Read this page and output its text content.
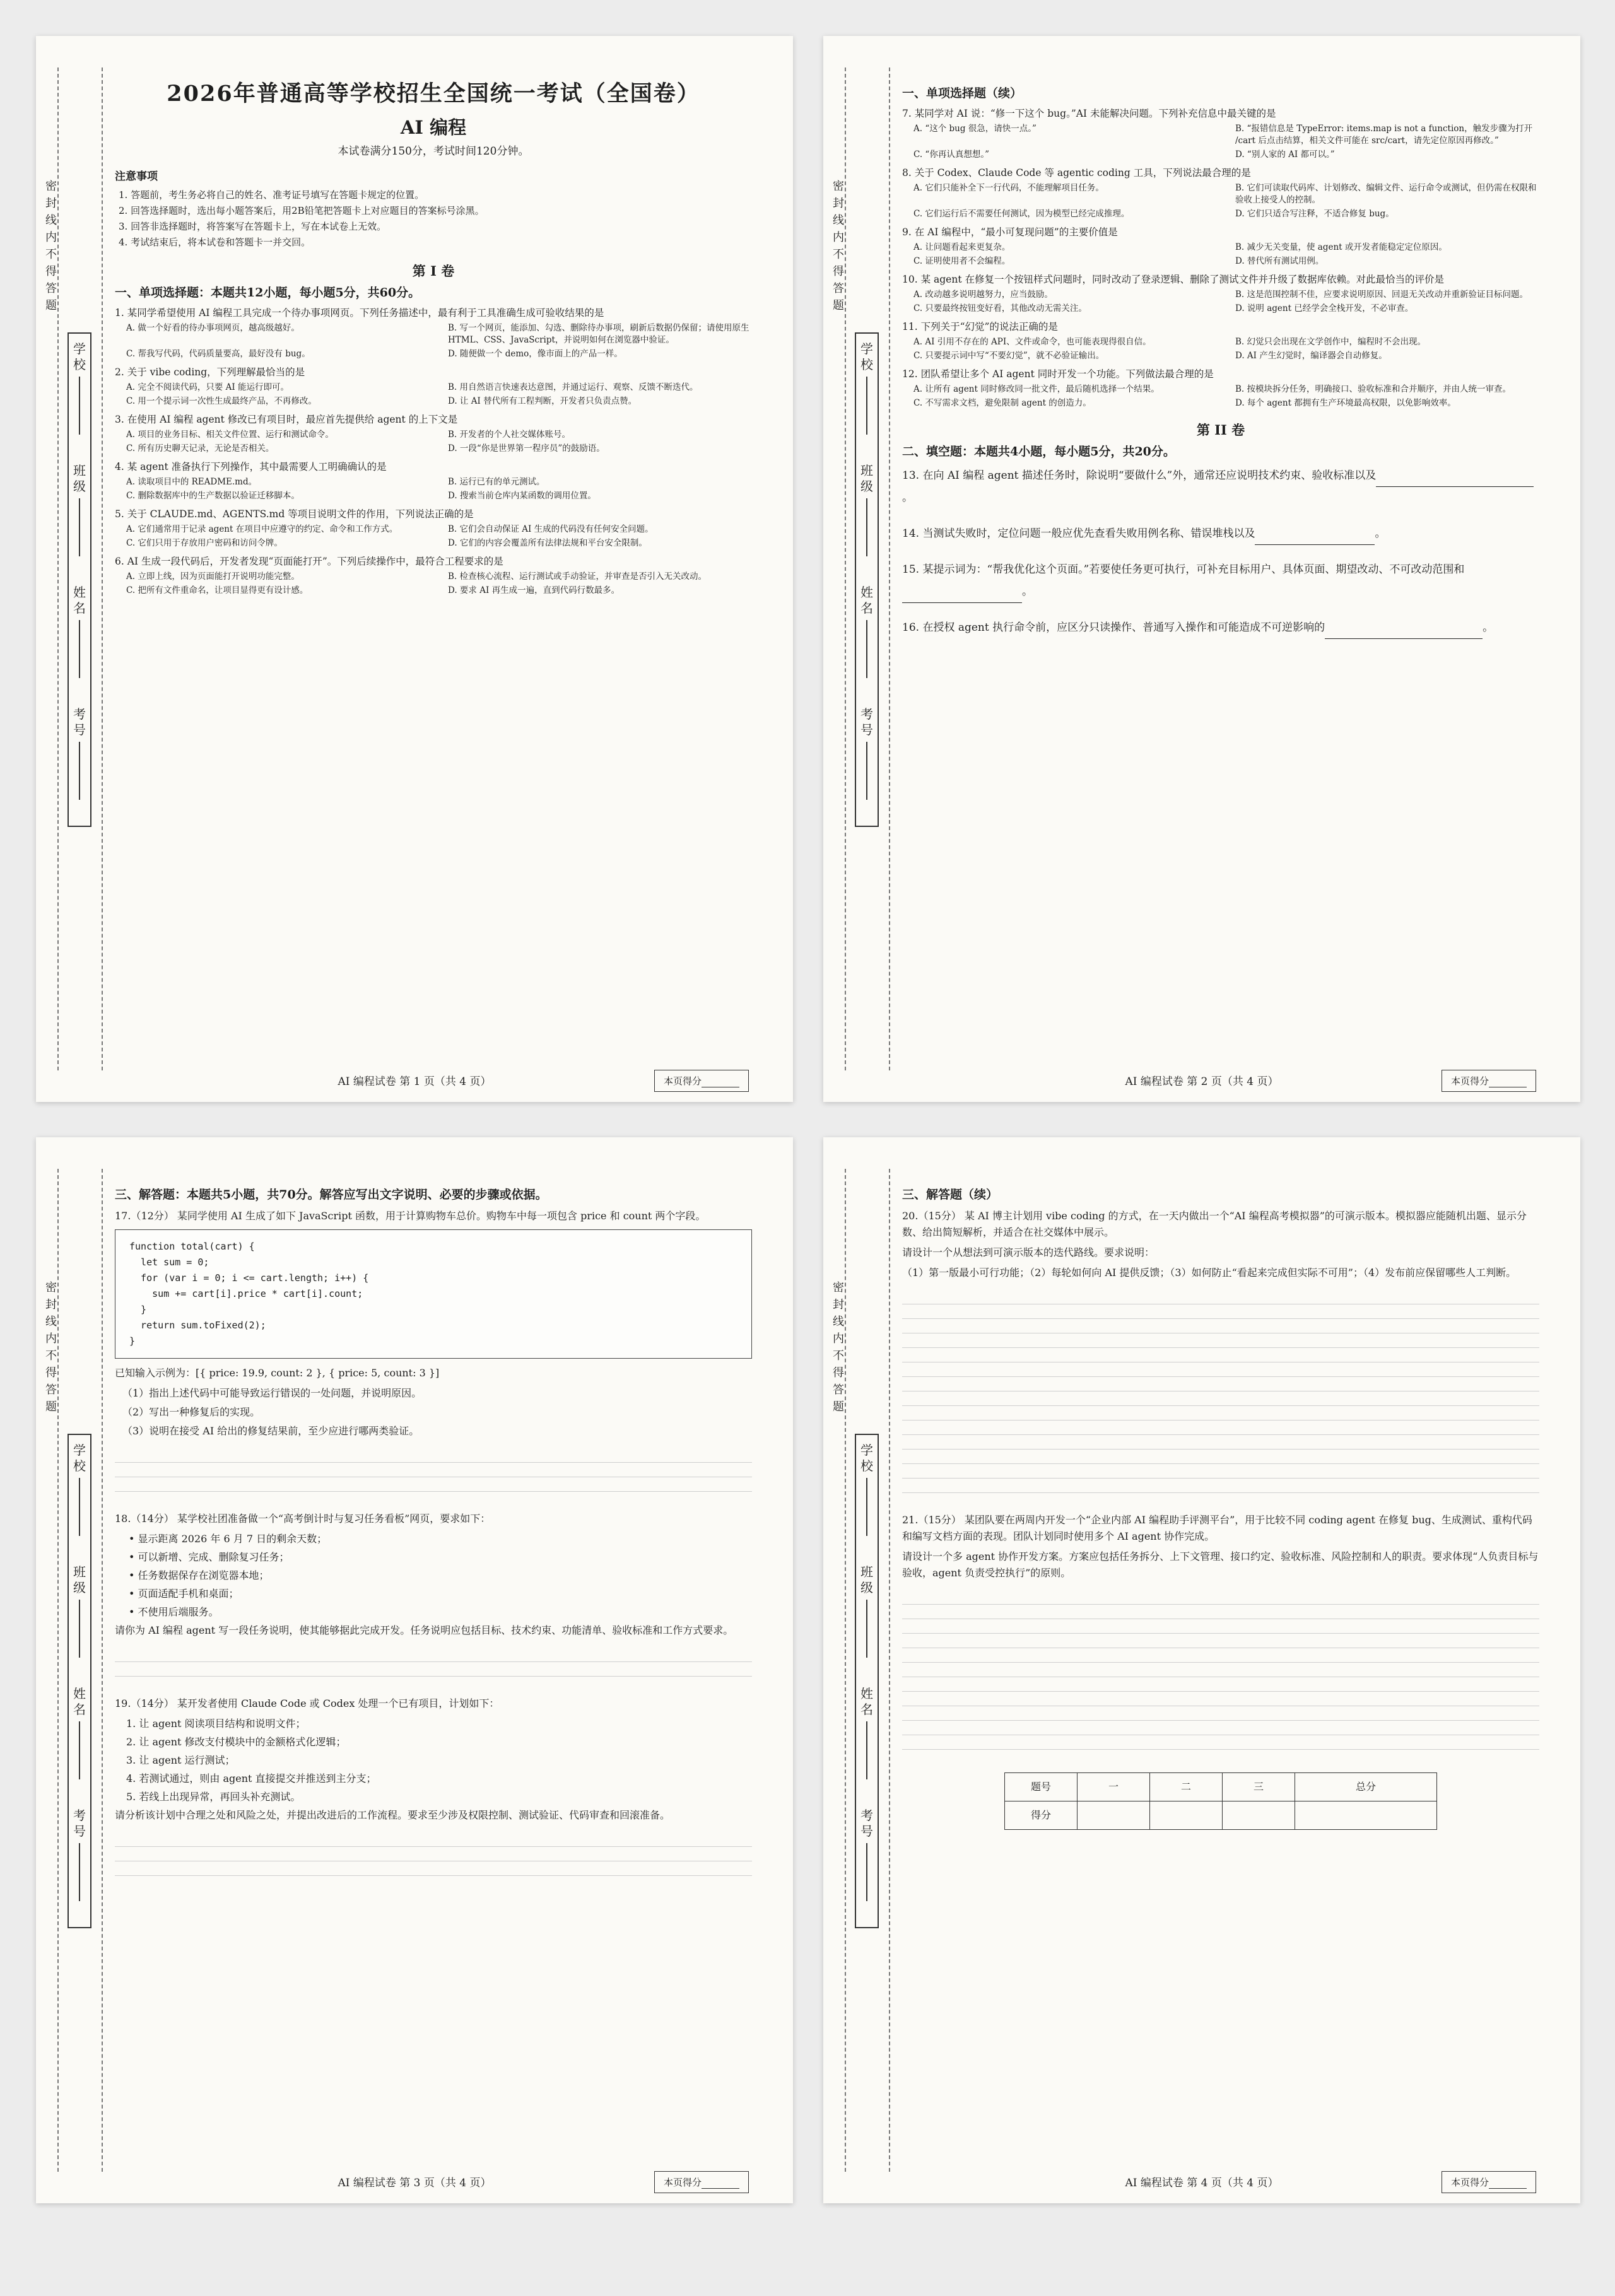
密
封
线
内
不
得
答
题
学
校
班
级
姓
名
考
号
2026年普通高等学校招生全国统一考试（全国卷）
AI 编程
本试卷满分150分，考试时间120分钟。
注意事项
1. 答题前，考生务必将自己的姓名、准考证号填写在答题卡规定的位置。
2. 回答选择题时，选出每小题答案后，用2B铅笔把答题卡上对应题目的答案标号涂黑。
3. 回答非选择题时，将答案写在答题卡上，写在本试卷上无效。
4. 考试结束后，将本试卷和答题卡一并交回。
第 I 卷
一、单项选择题：本题共12小题，每小题5分，共60分。
1. 某同学希望使用 AI 编程工具完成一个待办事项网页。下列任务描述中，最有利于工具准确生成可验收结果的是
A. 做一个好看的待办事项网页，越高级越好。	B. 写一个网页，能添加、勾选、删除待办事项，刷新后数据仍保留；请使用原生 HTML、CSS、JavaScript，并说明如何在浏览器中验证。
C. 帮我写代码，代码质量要高，最好没有 bug。	D. 随便做一个 demo，像市面上的产品一样。
2. 关于 vibe coding，下列理解最恰当的是
A. 完全不阅读代码，只要 AI 能运行即可。	B. 用自然语言快速表达意图，并通过运行、观察、反馈不断迭代。
C. 用一个提示词一次性生成最终产品，不再修改。	D. 让 AI 替代所有工程判断，开发者只负责点赞。
3. 在使用 AI 编程 agent 修改已有项目时，最应首先提供给 agent 的上下文是
A. 项目的业务目标、相关文件位置、运行和测试命令。	B. 开发者的个人社交媒体账号。
C. 所有历史聊天记录，无论是否相关。	D. 一段“你是世界第一程序员”的鼓励语。
4. 某 agent 准备执行下列操作，其中最需要人工明确确认的是
A. 读取项目中的 README.md。	B. 运行已有的单元测试。
C. 删除数据库中的生产数据以验证迁移脚本。	D. 搜索当前仓库内某函数的调用位置。
5. 关于 CLAUDE.md、AGENTS.md 等项目说明文件的作用，下列说法正确的是
A. 它们通常用于记录 agent 在项目中应遵守的约定、命令和工作方式。	B. 它们会自动保证 AI 生成的代码没有任何安全问题。
C. 它们只用于存放用户密码和访问令牌。	D. 它们的内容会覆盖所有法律法规和平台安全限制。
6. AI 生成一段代码后，开发者发现“页面能打开”。下列后续操作中，最符合工程要求的是
A. 立即上线，因为页面能打开说明功能完整。	B. 检查核心流程、运行测试或手动验证，并审查是否引入无关改动。
C. 把所有文件重命名，让项目显得更有设计感。	D. 要求 AI 再生成一遍，直到代码行数最多。
AI 编程试卷 第 1 页（共 4 页）	本页得分
密
封
线
内
不
得
答
题
学
校
班
级
姓
名
考
号
一、单项选择题（续）
7. 某同学对 AI 说：“修一下这个 bug。”AI 未能解决问题。下列补充信息中最关键的是
A. “这个 bug 很急，请快一点。”	B. “报错信息是 TypeError: items.map is not a function，触发步骤为打开 /cart 后点击结算，相关文件可能在 src/cart，请先定位原因再修改。”
C. “你再认真想想。”	D. “别人家的 AI 都可以。”
8. 关于 Codex、Claude Code 等 agentic coding 工具，下列说法最合理的是
A. 它们只能补全下一行代码，不能理解项目任务。	B. 它们可读取代码库、计划修改、编辑文件、运行命令或测试，但仍需在权限和验收上接受人的控制。
C. 它们运行后不需要任何测试，因为模型已经完成推理。	D. 它们只适合写注释，不适合修复 bug。
9. 在 AI 编程中，“最小可复现问题”的主要价值是
A. 让问题看起来更复杂。	B. 减少无关变量，使 agent 或开发者能稳定定位原因。
C. 证明使用者不会编程。	D. 替代所有测试用例。
10. 某 agent 在修复一个按钮样式问题时，同时改动了登录逻辑、删除了测试文件并升级了数据库依赖。对此最恰当的评价是
A. 改动越多说明越努力，应当鼓励。	B. 这是范围控制不佳，应要求说明原因、回退无关改动并重新验证目标问题。
C. 只要最终按钮变好看，其他改动无需关注。	D. 说明 agent 已经学会全栈开发，不必审查。
11. 下列关于“幻觉”的说法正确的是
A. AI 引用不存在的 API、文件或命令，也可能表现得很自信。	B. 幻觉只会出现在文学创作中，编程时不会出现。
C. 只要提示词中写“不要幻觉”，就不必验证输出。	D. AI 产生幻觉时，编译器会自动修复。
12. 团队希望让多个 AI agent 同时开发一个功能。下列做法最合理的是
A. 让所有 agent 同时修改同一批文件，最后随机选择一个结果。	B. 按模块拆分任务，明确接口、验收标准和合并顺序，并由人统一审查。
C. 不写需求文档，避免限制 agent 的创造力。	D. 每个 agent 都拥有生产环境最高权限，以免影响效率。
第 II 卷
二、填空题：本题共4小题，每小题5分，共20分。
13. 在向 AI 编程 agent 描述任务时，除说明“要做什么”外，通常还应说明技术约束、验收标准以及。
14. 当测试失败时，定位问题一般应优先查看失败用例名称、错误堆栈以及	。
15. 某提示词为：“帮我优化这个页面。”若要使任务更可执行，可补充目标用户、具体页面、期望改动、不可改动范围和。
16. 在授权 agent 执行命令前，应区分只读操作、普通写入操作和可能造成不可逆影响的	。
AI 编程试卷 第 2 页（共 4 页）	本页得分
密
封
线
内
不
得
答
题
学
校
班
级
姓
名
考
号
三、解答题：本题共5小题，共70分。解答应写出文字说明、必要的步骤或依据。

17.（12分） 某同学使用 AI 生成了如下 JavaScript 函数，用于计算购物车总价。购物车中每一项包含 price 和 count 两个字段。

function total(cart) {
let sum = 0;
for (var i = 0; i <= cart.length; i++) {
sum += cart[i].price * cart[i].count;
}
return sum.toFixed(2);
}

已知输入示例为：[{ price: 19.9, count: 2 }, { price: 5, count: 3 }]

（1）指出上述代码中可能导致运行错误的一处问题，并说明原因。
（2）写出一种修复后的实现。
（3）说明在接受 AI 给出的修复结果前，至少应进行哪两类验证。

18.（14分） 某学校社团准备做一个“高考倒计时与复习任务看板”网页，要求如下：

• 显示距离 2026 年 6 月 7 日的剩余天数；
• 可以新增、完成、删除复习任务；
• 任务数据保存在浏览器本地；
• 页面适配手机和桌面；
• 不使用后端服务。

请你为 AI 编程 agent 写一段任务说明，使其能够据此完成开发。任务说明应包括目标、技术约束、功能清单、验收标准和工作方式要求。

19.（14分） 某开发者使用 Claude Code 或 Codex 处理一个已有项目，计划如下：

1. 让 agent 阅读项目结构和说明文件；
2. 让 agent 修改支付模块中的金额格式化逻辑；
3. 让 agent 运行测试；
4. 若测试通过，则由 agent 直接提交并推送到主分支；
5. 若线上出现异常，再回头补充测试。

请分析该计划中合理之处和风险之处，并提出改进后的工作流程。要求至少涉及权限控制、测试验证、代码审查和回滚准备。

AI 编程试卷 第 3 页（共 4 页）	本页得分
密
封
线
内
不
得
答
题
学
校
班
级
姓
名
考
号
三、解答题（续）

20.（15分） 某 AI 博主计划用 vibe coding 的方式，在一天内做出一个“AI 编程高考模拟器”的可演示版本。模拟器应能随机出题、显示分数、给出简短解析，并适合在社交媒体中展示。

请设计一个从想法到可演示版本的迭代路线。要求说明：

（1）第一版最小可行功能；（2）每轮如何向 AI 提供反馈；（3）如何防止“看起来完成但实际不可用”；（4）发布前应保留哪些人工判断。

21.（15分） 某团队要在两周内开发一个“企业内部 AI 编程助手评测平台”，用于比较不同 coding agent 在修复 bug、生成测试、重构代码和编写文档方面的表现。团队计划同时使用多个 AI agent 协作完成。

请设计一个多 agent 协作开发方案。方案应包括任务拆分、上下文管理、接口约定、验收标准、风险控制和人的职责。要求体现“人负责目标与验收，agent 负责受控执行”的原则。

题号	一	二	三	总分
得分				
AI 编程试卷 第 4 页（共 4 页）	本页得分
